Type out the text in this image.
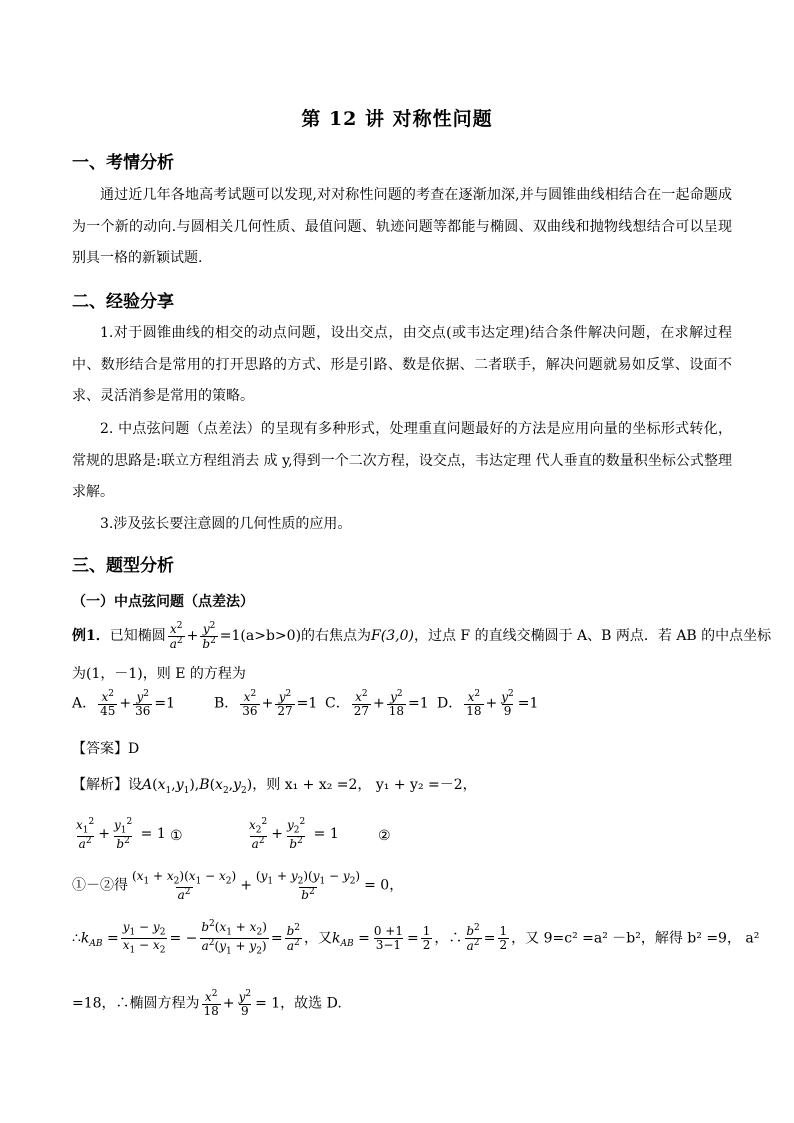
第 12 讲 对称性问题
一、考情分析
通过近几年各地高考试题可以发现,对对称性问题的考查在逐渐加深,并与圆锥曲线相结合在一起命题成为一个新的动向.与圆相关几何性质、最值问题、轨迹问题等都能与椭圆、双曲线和抛物线想结合可以呈现别具一格的新颖试题.
二、经验分享
1.对于圆锥曲线的相交的动点问题，设出交点，由交点(或韦达定理)结合条件解决问题，在求解过程中、数形结合是常用的打开思路的方式、形是引路、数是依据、二者联手，解决问题就易如反掌、设面不求、灵活消参是常用的策略。
2. 中点弦问题（点差法）的呈现有多种形式，处理重直问题最好的方法是应用向量的坐标形式转化，常规的思路是:联立方程组消去 成 y,得到一个二次方程，设交点，韦达定理 代人垂直的数量积坐标公式整理求解。
3.涉及弦长要注意圆的几何性质的应用。
三、题型分析
（一）中点弦问题（点差法）
例1．已知椭圆 $\frac{x^2}{a^2} + \frac{y^2}{b^2} =1(a>b>0)$的右焦点为F(3,0)，过点 F 的直线交椭圆于 A、B 两点．若 AB 的中点坐标
为(1，－1)，则 E 的方程为
A． $\frac{x^2}{45} + \frac{y^2}{36} =1$	B． $\frac{x^2}{36} + \frac{y^2}{27} =1$ C． $\frac{x^2}{27} + \frac{y^2}{18} =1$ D． $\frac{x^2}{18} + \frac{y^2}{9} =1$
【答案】D
【解析】设$A(x_1,y_1),B(x_2,y_2)$，则 x₁ + x₂ =2， y₁ + y₂ =－2，
$\frac{x_1^2}{a^2} + \frac{y_1^2}{b^2} = 1$ ①	$\frac{x_2^2}{a^2} + \frac{y_2^2}{b^2} = 1$	②
①－②得 $\frac{(x_1 + x_2)(x_1 - x_2)}{a^2} + \frac{(y_1 + y_2)(y_1 - y_2)}{b^2} = 0$，
$\therefore k_{AB} = \frac{y_1 - y_2}{x_1 - x_2}$ = − $\frac{b^2(x_1 + x_2)}{a^2(y_1 + y_2)} = \frac{b^2}{a^2}$ ，又$k_{AB} = \frac{0 +1}{3-1} = \frac{1}{2}$ ，∴ $\frac{b^2}{a^2} = \frac{1}{2}$ ，又 9=c² =a² －b²，解得 b² =9， a²
=18，∴椭圆方程为 $\frac{x^2}{18} + \frac{y^2}{9} = 1$，故选 D.
